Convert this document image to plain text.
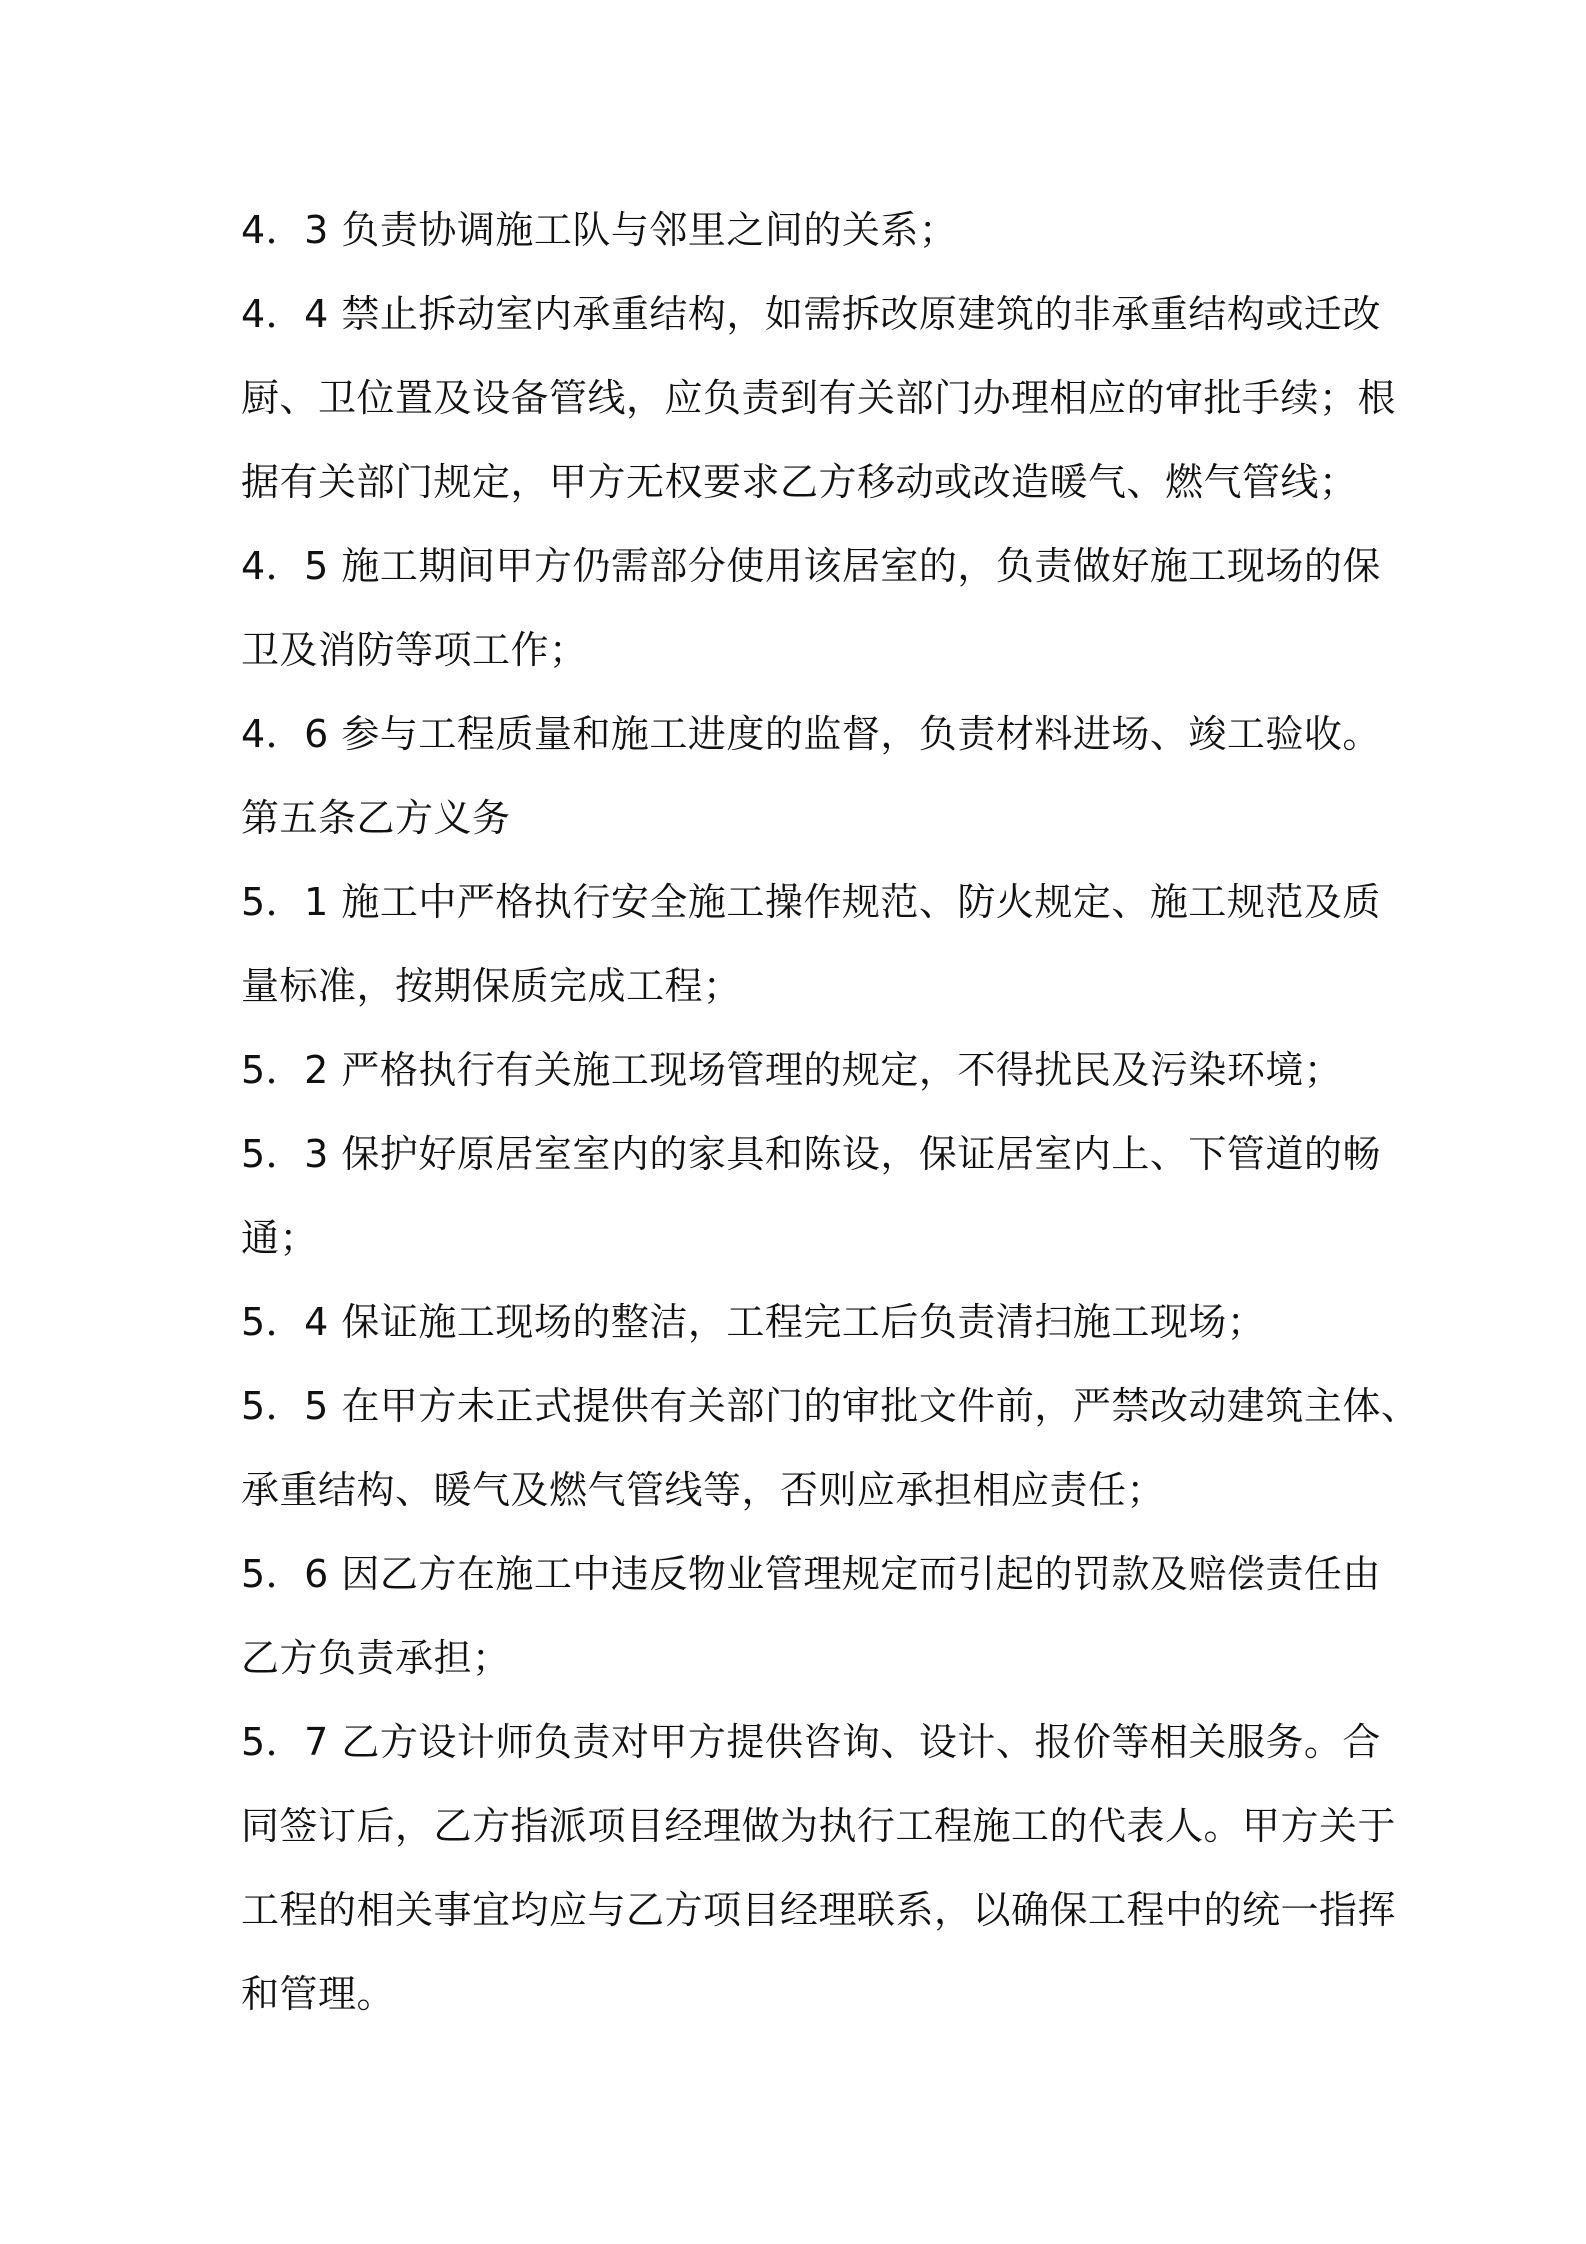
4．3 负责协调施工队与邻里之间的关系；
4．4 禁止拆动室内承重结构，如需拆改原建筑的非承重结构或迁改
厨、卫位置及设备管线，应负责到有关部门办理相应的审批手续；根
据有关部门规定，甲方无权要求乙方移动或改造暖气、燃气管线；
4．5 施工期间甲方仍需部分使用该居室的，负责做好施工现场的保
卫及消防等项工作；
4．6 参与工程质量和施工进度的监督，负责材料进场、竣工验收。
第五条乙方义务
5．1 施工中严格执行安全施工操作规范、防火规定、施工规范及质
量标准，按期保质完成工程；
5．2 严格执行有关施工现场管理的规定，不得扰民及污染环境；
5．3 保护好原居室室内的家具和陈设，保证居室内上、下管道的畅
通；
5．4 保证施工现场的整洁，工程完工后负责清扫施工现场；
5．5 在甲方未正式提供有关部门的审批文件前，严禁改动建筑主体、
承重结构、暖气及燃气管线等，否则应承担相应责任；
5．6 因乙方在施工中违反物业管理规定而引起的罚款及赔偿责任由
乙方负责承担；
5．7 乙方设计师负责对甲方提供咨询、设计、报价等相关服务。合
同签订后，乙方指派项目经理做为执行工程施工的代表人。甲方关于
工程的相关事宜均应与乙方项目经理联系，以确保工程中的统一指挥
和管理。
